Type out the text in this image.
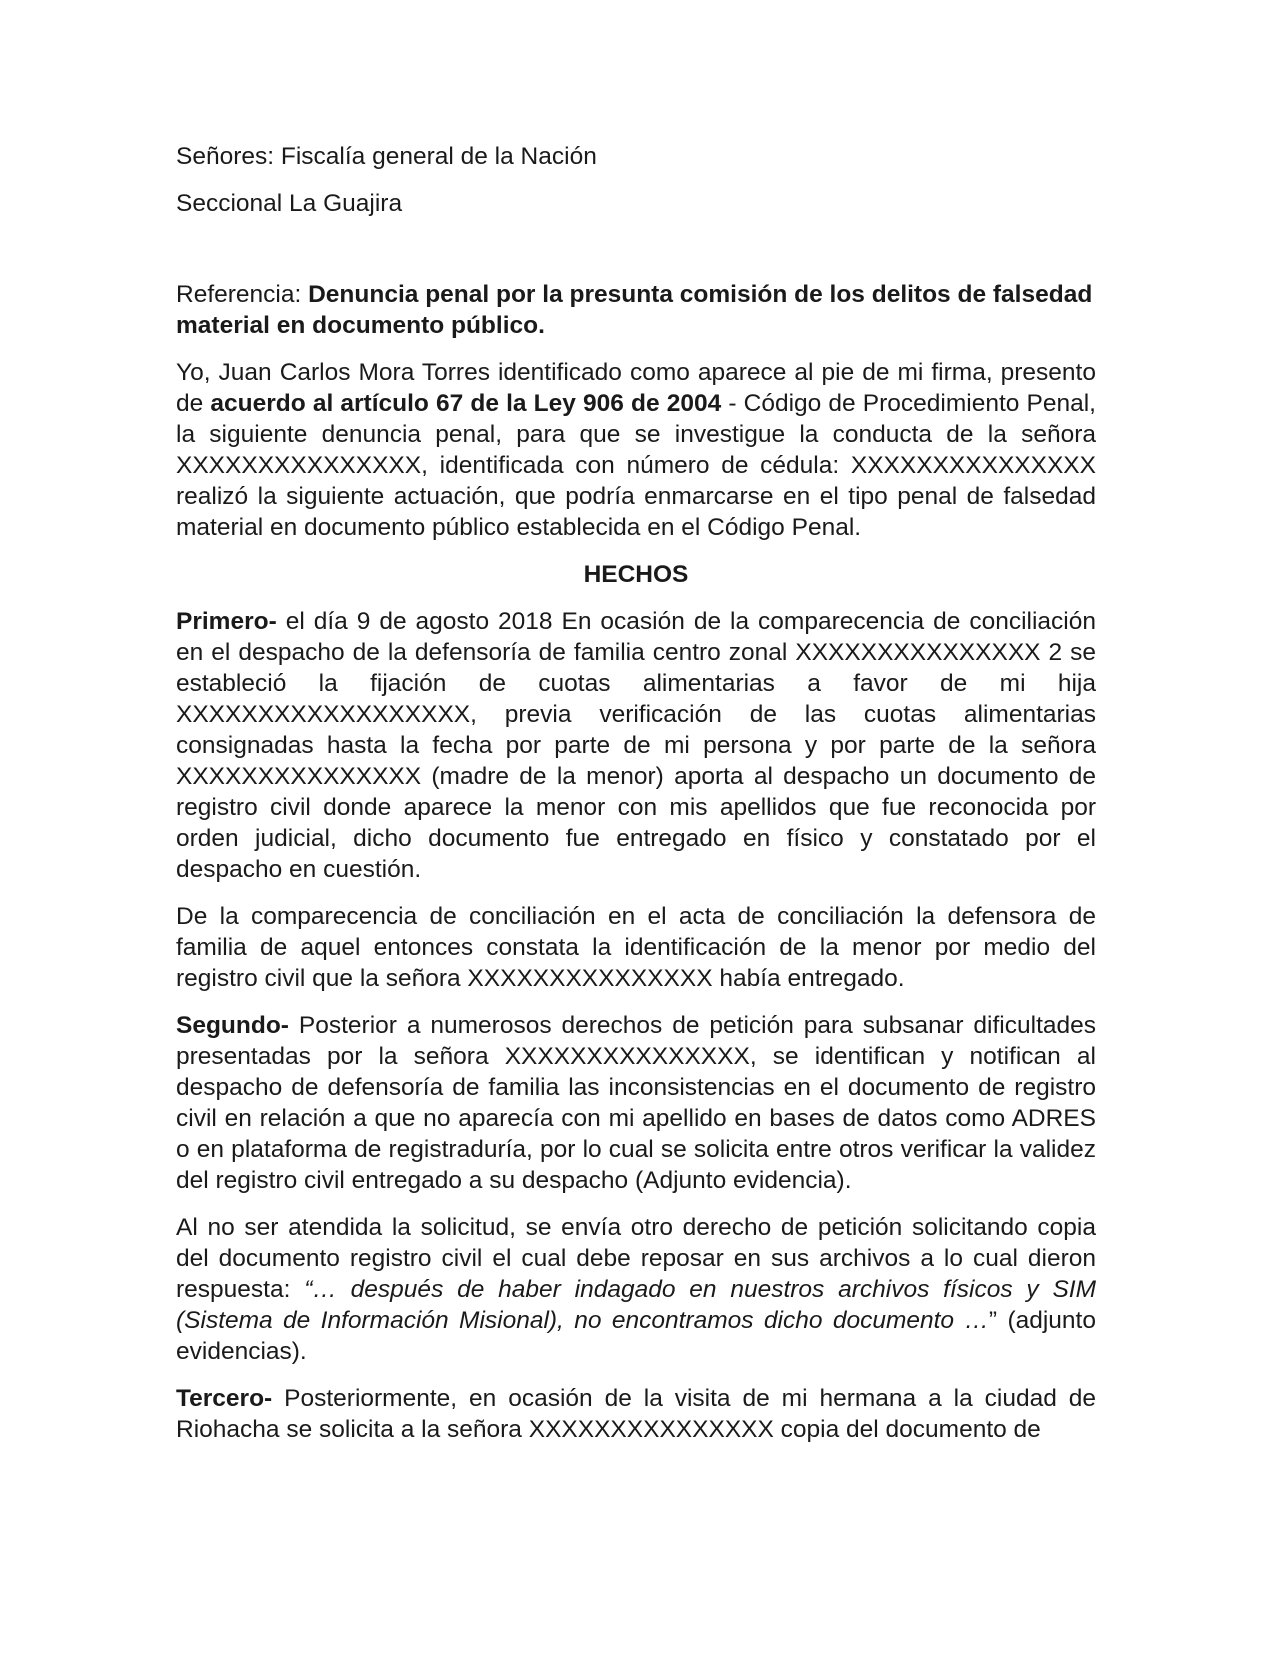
Señores: Fiscalía general de la Nación

Seccional La Guajira

Referencia: Denuncia penal por la presunta comisión de los delitos de falsedad material en documento público.

Yo, Juan Carlos Mora Torres identificado como aparece al pie de mi firma, presento de acuerdo al artículo 67 de la Ley 906 de 2004 - Código de Procedimiento Penal, la siguiente denuncia penal, para que se investigue la conducta de la señora XXXXXXXXXXXXXXX, identificada con número de cédula: XXXXXXXXXXXXXXX realizó la siguiente actuación, que podría enmarcarse en el tipo penal de falsedad material en documento público establecida en el Código Penal.

HECHOS

Primero- el día 9 de agosto 2018 En ocasión de la comparecencia de conciliación en el despacho de la defensoría de familia centro zonal XXXXXXXXXXXXXXX 2 se estableció la fijación de cuotas alimentarias a favor de mi hija XXXXXXXXXXXXXXXXXX, previa verificación de las cuotas alimentarias consignadas hasta la fecha por parte de mi persona y por parte de la señora XXXXXXXXXXXXXXX (madre de la menor) aporta al despacho un documento de registro civil donde aparece la menor con mis apellidos que fue reconocida por orden judicial, dicho documento fue entregado en físico y constatado por el despacho en cuestión.

De la comparecencia de conciliación en el acta de conciliación la defensora de familia de aquel entonces constata la identificación de la menor por medio del registro civil que la señora XXXXXXXXXXXXXXX había entregado.

Segundo- Posterior a numerosos derechos de petición para subsanar dificultades presentadas por la señora XXXXXXXXXXXXXXX, se identifican y notifican al despacho de defensoría de familia las inconsistencias en el documento de registro civil en relación a que no aparecía con mi apellido en bases de datos como ADRES o en plataforma de registraduría, por lo cual se solicita entre otros verificar la validez del registro civil entregado a su despacho (Adjunto evidencia).

Al no ser atendida la solicitud, se envía otro derecho de petición solicitando copia del documento registro civil el cual debe reposar en sus archivos a lo cual dieron respuesta: “… después de haber indagado en nuestros archivos físicos y SIM (Sistema de Información Misional), no encontramos dicho documento …” (adjunto evidencias).

Tercero- Posteriormente, en ocasión de la visita de mi hermana a la ciudad de Riohacha se solicita a la señora XXXXXXXXXXXXXXX copia del documento de
